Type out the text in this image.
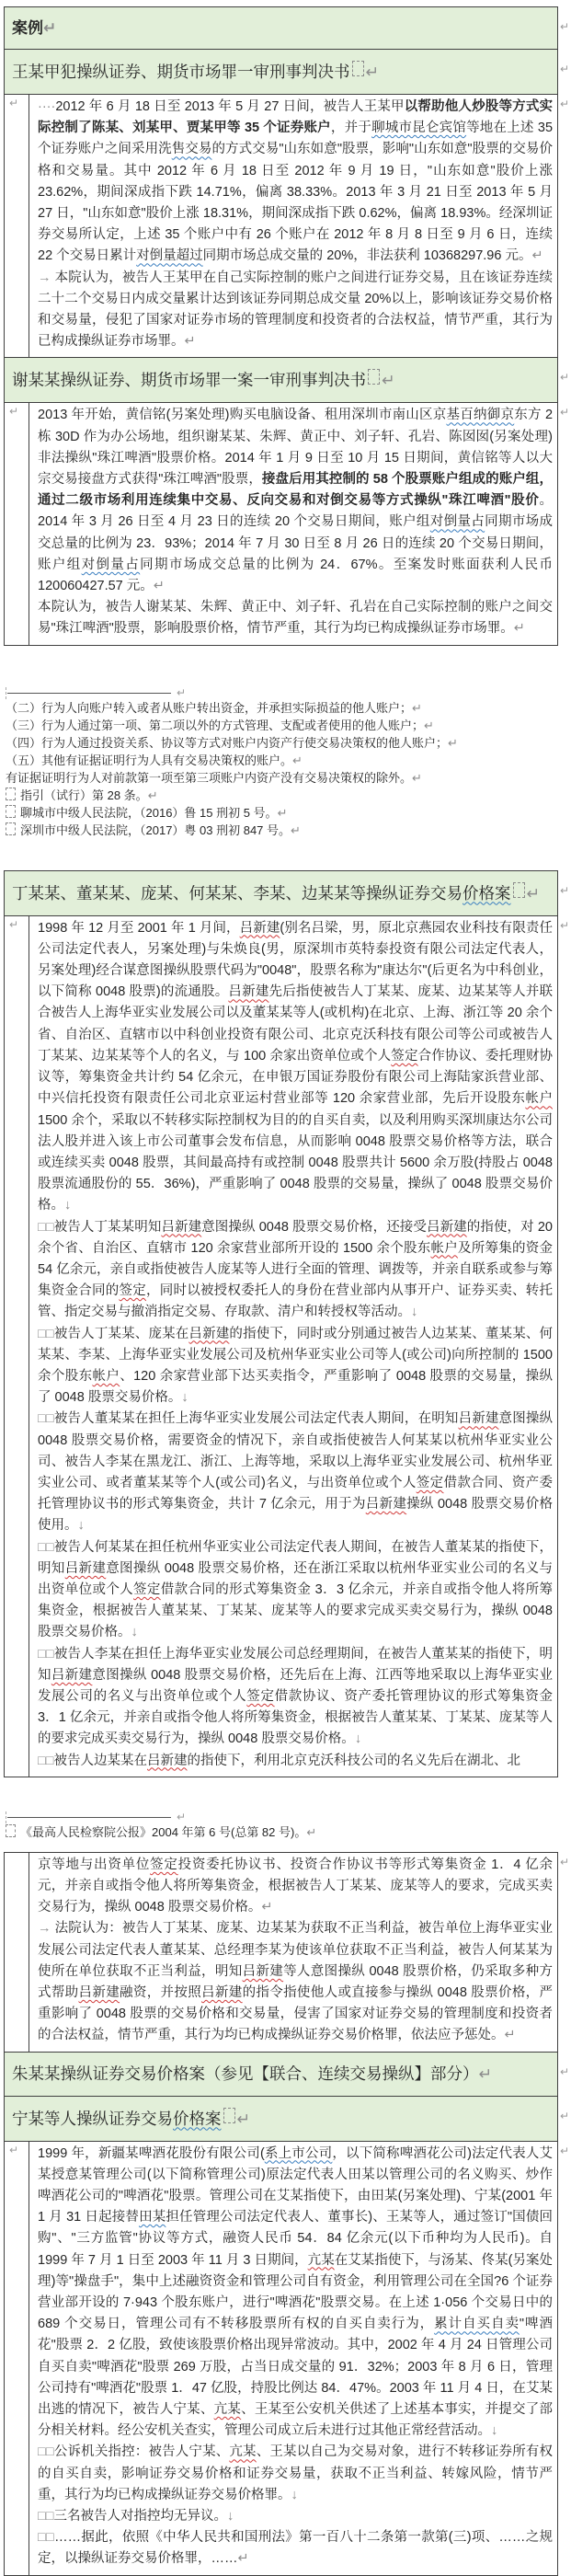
案例↵	↵
王某甲犯操纵证券、期货市场罪一审刑事判决书 ↵	↵
↵	····2012 年 6 月 18 日至 2013 年 5 月 27 日间，被告人王某甲以帮助他人炒股等方式实际控制了陈某、刘某甲、贾某甲等 35 个证券账户，并于聊城市昆仑宾馆等地在上述 35 个证券账户之间采用洗售交易的方式交易"山东如意"股票，影响"山东如意"股票的交易价格和交易量。其中 2012 年 6 月 18 日至 2012 年 9 月 19 日，"山东如意"股价上涨 23.62%，期间深成指下跌 14.71%，偏离 38.33%。2013 年 3 月 21 日至 2013 年 5 月 27 日，"山东如意"股价上涨 18.31%，期间深成指下跌 0.62%，偏离 18.93%。经深圳证券交易所认定，上述 35 个账户中有 26 个账户在 2012 年 8 月 8 日至 9 月 6 日，连续 22 个交易日累计对倒量超过同期市场总成交量的 20%，非法获利 10368297.96 元。↵

→ 本院认为，被告人王某甲在自己实际控制的账户之间进行证券交易，且在该证券连续二十二个交易日内成交量累计达到该证券同期总成交量 20%以上，影响该证券交易价格和交易量，侵犯了国家对证券市场的管理制度和投资者的合法权益，情节严重，其行为已构成操纵证券市场罪。↵

↵
谢某某操纵证券、期货市场罪一案一审刑事判决书 ↵	↵
↵	2013 年开始，黄信铭(另案处理)购买电脑设备、租用深圳市南山区京基百纳御京东方 2 栋 30D 作为办公场地，组织谢某某、朱辉、黄正中、刘子轩、孔岩、陈囡囡(另案处理)非法操纵"珠江啤酒"股票价格。2014 年 1 月 9 日至 10 月 15 日期间，黄信铭等人以大宗交易接盘方式获得"珠江啤酒"股票，接盘后用其控制的 58 个股票账户组成的账户组，通过二级市场利用连续集中交易、反向交易和对倒交易等方式操纵"珠江啤酒"股价。2014 年 3 月 26 日至 4 月 23 日的连续 20 个交易日期间，账户组对倒量占同期市场成交总量的比例为 23．93%；2014 年 7 月 30 日至 8 月 26 日的连续 20 个交易日期间，账户组对倒量占同期市场成交总量的比例为 24．67%。至案发时账面获利人民币 120060427.57 元。↵

本院认为，被告人谢某某、朱辉、黄正中、刘子轩、孔岩在自己实际控制的账户之间交易"珠江啤酒"股票，影响股票价格，情节严重，其行为均已构成操纵证券市场罪。↵

↵
↵

（二）行为人向账户转入或者从账户转出资金，并承担实际损益的他人账户；↵

（三）行为人通过第一项、第二项以外的方式管理、支配或者使用的他人账户；↵

（四）行为人通过投资关系、协议等方式对账户内资产行使交易决策权的他人账户；↵

（五）其他有证据证明行为人具有交易决策权的账户。↵

有证据证明行为人对前款第一项至第三项账户内资产没有交易决策权的除外。↵

指引（试行）第 28 条。↵

聊城市中级人民法院，（2016）鲁 15 刑初 5 号。↵

深圳市中级人民法院，（2017）粤 03 刑初 847 号。↵

丁某某、董某某、庞某、何某某、李某、边某某等操纵证券交易价格案 ↵	↵
↵	1998 年 12 月至 2001 年 1 月间，吕新建(别名吕梁，男，原北京燕园农业科技有限责任公司法定代表人，另案处理)与朱焕良(男，原深圳市英特泰投资有限公司法定代表人，另案处理)经合谋意图操纵股票代码为"0048"，股票名称为"康达尔"(后更名为中科创业，以下简称 0048 股票)的流通股。吕新建先后指使被告人丁某某、庞某、边某某等人并联合被告人上海华亚实业发展公司以及董某某等人(或机构)在北京、上海、浙江等 20 余个省、自治区、直辖市以中科创业投资有限公司、北京克沃科技有限公司等公司或被告人丁某某、边某某等个人的名义，与 100 余家出资单位或个人签定合作协议、委托理财协议等，筹集资金共计约 54 亿余元，在申银万国证券股份有限公司上海陆家浜营业部、中兴信托投资有限责任公司北京亚运村营业部等 120 余家营业部，先后开设股东帐户 1500 余个，采取以不转移实际控制权为目的的自买自卖，以及利用购买深圳康达尔公司法人股并进入该上市公司董事会发布信息，从而影响 0048 股票交易价格等方法，联合或连续买卖 0048 股票，其间最高持有或控制 0048 股票共计 5600 余万股(持股占 0048 股票流通股份的 55．36%)，严重影响了 0048 股票的交易量，操纵了 0048 股票交易价格。↓

□□被告人丁某某明知吕新建意图操纵 0048 股票交易价格，还接受吕新建的指使，对 20 余个省、自治区、直辖市 120 余家营业部所开设的 1500 余个股东帐户及所筹集的资金 54 亿余元，亲自或指使被告人庞某等人进行全面的管理、调拨等，并亲自联系或参与筹集资金合同的签定，同时以被授权委托人的身份在营业部内从事开户、证券买卖、转托管、指定交易与撤消指定交易、存取款、清户和转授权等活动。↓

□□被告人丁某某、庞某在吕新建的指使下，同时或分别通过被告人边某某、董某某、何某某、李某、上海华亚实业发展公司及杭州华亚实业公司等人(或公司)向所控制的 1500 余个股东帐户、120 余家营业部下达买卖指令，严重影响了 0048 股票的交易量，操纵了 0048 股票交易价格。↓

□□被告人董某某在担任上海华亚实业发展公司法定代表人期间，在明知吕新建意图操纵 0048 股票交易价格，需要资金的情况下，亲自或指使被告人何某某以杭州华亚实业公司、被告人李某在黑龙江、浙江、上海等地，采取以上海华亚实业发展公司、杭州华亚实业公司、或者董某某等个人(或公司)名义，与出资单位或个人签定借款合同、资产委托管理协议书的形式筹集资金，共计 7 亿余元，用于为吕新建操纵 0048 股票交易价格使用。↓

□□被告人何某某在担任杭州华亚实业公司法定代表人期间，在被告人董某某的指使下，明知吕新建意图操纵 0048 股票交易价格，还在浙江采取以杭州华亚实业公司的名义与出资单位或个人签定借款合同的形式筹集资金 3．3 亿余元，并亲自或指令他人将所筹集资金，根据被告人董某某、丁某某、庞某等人的要求完成买卖交易行为，操纵 0048 股票交易价格。↓

□□被告人李某在担任上海华亚实业发展公司总经理期间，在被告人董某某的指使下，明知吕新建意图操纵 0048 股票交易价格，还先后在上海、江西等地采取以上海华亚实业发展公司的名义与出资单位或个人签定借款协议、资产委托管理协议的形式筹集资金 3．1 亿余元，并亲自或指令他人将所筹集资金，根据被告人董某某、丁某某、庞某等人的要求完成买卖交易行为，操纵 0048 股票交易价格。↓

□□被告人边某某在吕新建的指使下，利用北京克沃科技公司的名义先后在湖北、北

↵
↵

《最高人民检察院公报》2004 年第 6 号(总第 82 号)。↵

京等地与出资单位签定投资委托协议书、投资合作协议书等形式筹集资金 1．4 亿余元，并亲自或指令他人将所筹集资金，根据被告人丁某某、庞某等人的要求，完成买卖交易行为，操纵 0048 股票交易价格。↵

→ 法院认为：被告人丁某某、庞某、边某某为获取不正当利益，被告单位上海华亚实业发展公司法定代表人董某某、总经理李某为使该单位获取不正当利益，被告人何某某为使所在单位获取不正当利益，明知吕新建等人意图操纵 0048 股票价格，仍采取多种方式帮助吕新建融资，并按照吕新建的指令指使他人或直接参与操纵 0048 股票价格，严重影响了 0048 股票的交易价格和交易量，侵害了国家对证券交易的管理制度和投资者的合法权益，情节严重，其行为均已构成操纵证券交易价格罪，依法应予惩处。↵

↵
朱某某操纵证券交易价格案（参见【联合、连续交易操纵】部分）↵	↵
宁某等人操纵证券交易价格案 ↵	↵
↵	1999 年，新疆某啤酒花股份有限公司(系上市公司，以下简称啤酒花公司)法定代表人艾某授意某管理公司(以下简称管理公司)原法定代表人田某以管理公司的名义购买、炒作啤酒花公司的"啤酒花"股票。管理公司在艾某指使下，由田某(另案处理)、宁某(2001 年 1 月 31 日起接替田某担任管理公司法定代表人、董事长)、王某等人，通过签订"国债回购"、"三方监管"协议等方式，融资人民币 54．84 亿余元(以下币种均为人民币)。自 1999 年 7 月 1 日至 2003 年 11 月 3 日期间，亢某在艾某指使下，与汤某、佟某(另案处理)等"操盘手"，集中上述融资资金和管理公司自有资金，利用管理公司在全国?6 个证券营业部开设的 7·943 个股东账户，进行"啤酒花"股票交易。在上述 1·056 个交易日中的 689 个交易日，管理公司有不转移股票所有权的自买自卖行为，累计自买自卖"啤酒花"股票 2．2 亿股，致使该股票价格出现异常波动。其中，2002 年 4 月 24 日管理公司自买自卖"啤酒花"股票 269 万股，占当日成交量的 91．32%；2003 年 8 月 6 日，管理公司持有"啤酒花"股票 1．47 亿股，持股比例达 84．47%。2003 年 11 月 4 日，在艾某出逃的情况下，被告人宁某、亢某、王某至公安机关供述了上述基本事实，并提交了部分相关材料。经公安机关查实，管理公司成立后未进行过其他正常经营活动。↓

□□公诉机关指控：被告人宁某、亢某、王某以自己为交易对象，进行不转移证券所有权的自买自卖，影响证券交易价格和证券交易量，获取不正当利益、转嫁风险，情节严重，其行为均已构成操纵证券交易价格罪。↓

□□三名被告人对指控均无异议。↓

□□……据此，依照《中华人民共和国刑法》第一百八十二条第一款第(三)项、……之规定，以操纵证券交易价格罪，……↵

↵
